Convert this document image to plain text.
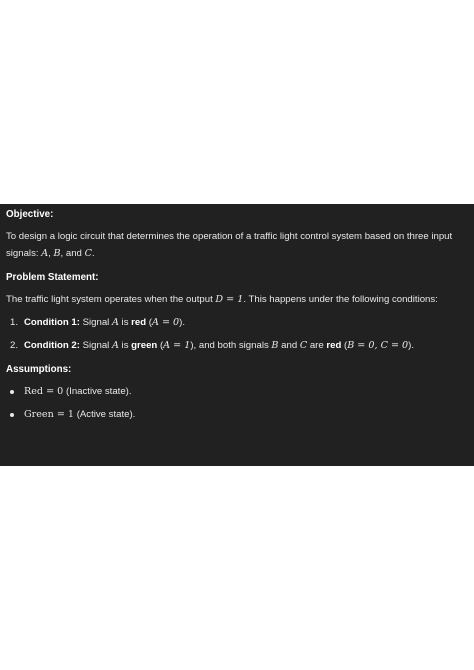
Objective:

To design a logic circuit that determines the operation of a traffic light control system based on three input signals: A, B, and C.

Problem Statement:

The traffic light system operates when the output D = 1. This happens under the following conditions:

1. Condition 1: Signal A is red (A = 0).
2. Condition 2: Signal A is green (A = 1), and both signals B and C are red (B = 0, C = 0).

Assumptions:

Red = 0 (Inactive state).
Green = 1 (Active state).
